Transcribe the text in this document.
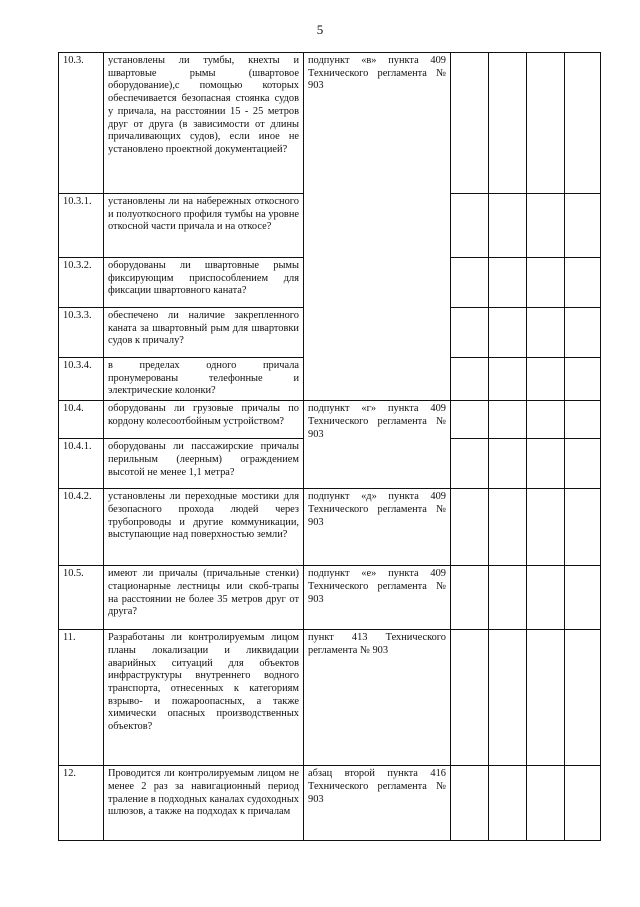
5
10.3.	установлены ли тумбы, кнехты и швартовые рымы (швартовое оборудование),с помощью которых обеспечивается безопасная стоянка судов у причала, на расстоянии 15 - 25 метров друг от друга (в зависимости от длины причаливающих судов), если иное не установлено проектной документацией?	подпункт «в» пункта 409 Технического регламента № 903				
10.3.1.	установлены ли на набережных откосного и полуоткосного профиля тумбы на уровне откосной части причала и на откосе?					
10.3.2.	оборудованы ли швартовные рымы фиксирующим приспособлением для фиксации швартовного каната?					
10.3.3.	обеспечено ли наличие закрепленного каната за швартовный рым для швартовки судов к причалу?					
10.3.4.	в пределах одного причала пронумерованы телефонные и электрические колонки?					
10.4.	оборудованы ли грузовые причалы по кордону колесоотбойным устройством?	подпункт «г» пункта 409 Технического регламента № 903				
10.4.1.	оборудованы ли пассажирские причалы перильным (леерным) ограждением высотой не менее 1,1 метра?					
10.4.2.	установлены ли переходные мостики для безопасного прохода людей через трубопроводы и другие коммуникации, выступающие над поверхностью земли?	подпункт «д» пункта 409 Технического регламента № 903				
10.5.	имеют ли причалы (причальные стенки) стационарные лестницы или скоб-трапы на расстоянии не более 35 метров друг от друга?	подпункт «е» пункта 409 Технического регламента № 903				
11.	Разработаны ли контролируемым лицом планы локализации и ликвидации аварийных ситуаций для объектов инфраструктуры внутреннего водного транспорта, отнесенных к категориям взрыво- и пожароопасных, а также химически опасных производственных объектов?	пункт 413 Технического регламента № 903				
12.	Проводится ли контролируемым лицом не менее 2 раз за навигационный период траление в подходных каналах судоходных шлюзов, а также на подходах к причалам	абзац второй пункта 416 Технического регламента № 903				
